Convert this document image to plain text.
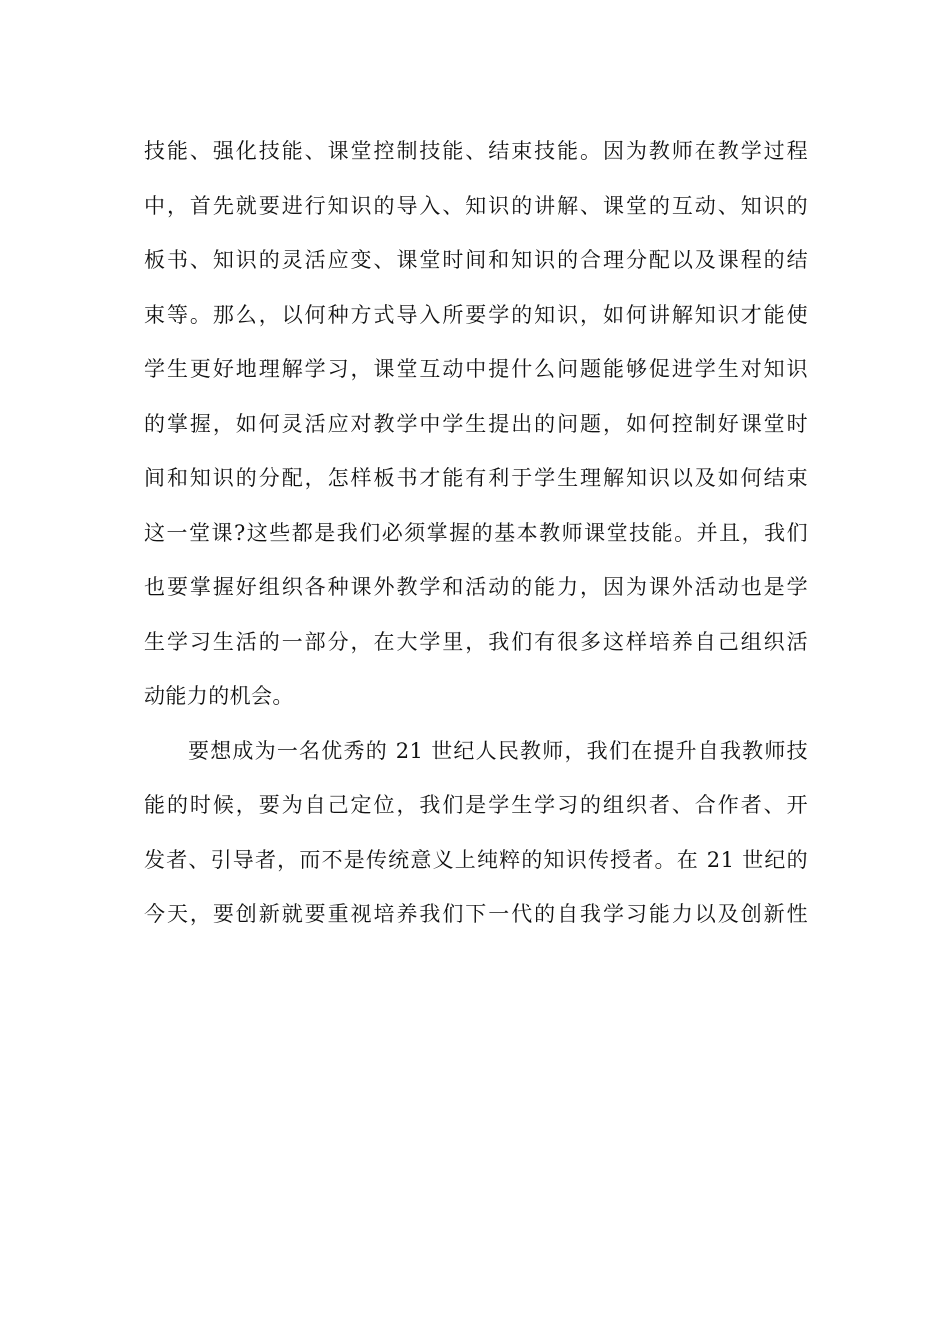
技能、强化技能、课堂控制技能、结束技能。因为教师在教学过程
中，首先就要进行知识的导入、知识的讲解、课堂的互动、知识的
板书、知识的灵活应变、课堂时间和知识的合理分配以及课程的结
束等。那么，以何种方式导入所要学的知识，如何讲解知识才能使
学生更好地理解学习，课堂互动中提什么问题能够促进学生对知识
的掌握，如何灵活应对教学中学生提出的问题，如何控制好课堂时
间和知识的分配，怎样板书才能有利于学生理解知识以及如何结束
这一堂课?这些都是我们必须掌握的基本教师课堂技能。并且，我们
也要掌握好组织各种课外教学和活动的能力，因为课外活动也是学
生学习生活的一部分，在大学里，我们有很多这样培养自己组织活
动能力的机会。
要想成为一名优秀的 21 世纪人民教师，我们在提升自我教师技
能的时候，要为自己定位，我们是学生学习的组织者、合作者、开
发者、引导者，而不是传统意义上纯粹的知识传授者。在 21 世纪的
今天，要创新就要重视培养我们下一代的自我学习能力以及创新性
